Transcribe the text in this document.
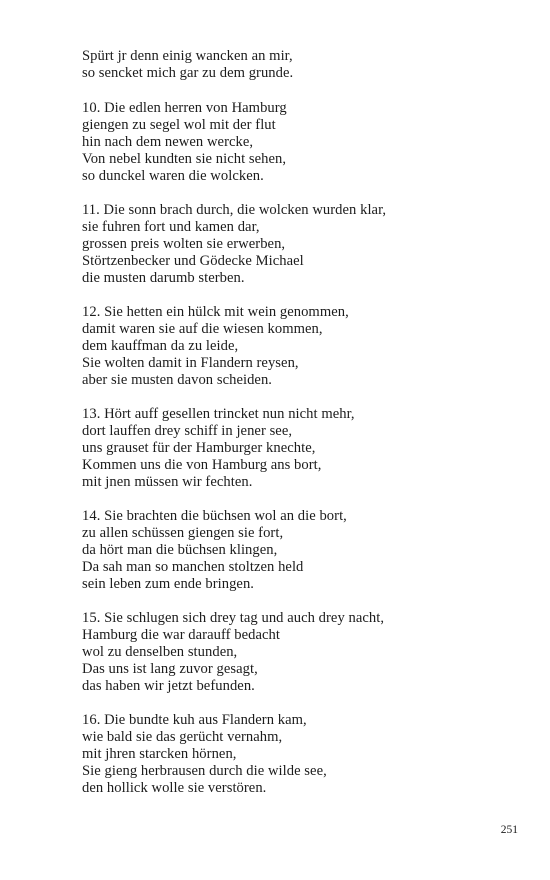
Spürt jr denn einig wancken an mir,
so sencket mich gar zu dem grunde.
10. Die edlen herren von Hamburg
giengen zu segel wol mit der flut
hin nach dem newen wercke,
Von nebel kundten sie nicht sehen,
so dunckel waren die wolcken.
11. Die sonn brach durch, die wolcken wurden klar,
sie fuhren fort und kamen dar,
grossen preis wolten sie erwerben,
Störtzenbecker und Gödecke Michael
die musten darumb sterben.
12. Sie hetten ein hülck mit wein genommen,
damit waren sie auf die wiesen kommen,
dem kauffman da zu leide,
Sie wolten damit in Flandern reysen,
aber sie musten davon scheiden.
13. Hört auff gesellen trincket nun nicht mehr,
dort lauffen drey schiff in jener see,
uns grauset für der Hamburger knechte,
Kommen uns die von Hamburg ans bort,
mit jnen müssen wir fechten.
14. Sie brachten die büchsen wol an die bort,
zu allen schüssen giengen sie fort,
da hört man die büchsen klingen,
Da sah man so manchen stoltzen held
sein leben zum ende bringen.
15. Sie schlugen sich drey tag und auch drey nacht,
Hamburg die war darauff bedacht
wol zu denselben stunden,
Das uns ist lang zuvor gesagt,
das haben wir jetzt befunden.
16. Die bundte kuh aus Flandern kam,
wie bald sie das gerücht vernahm,
mit jhren starcken hörnen,
Sie gieng herbrausen durch die wilde see,
den hollick wolle sie verstören.
251
